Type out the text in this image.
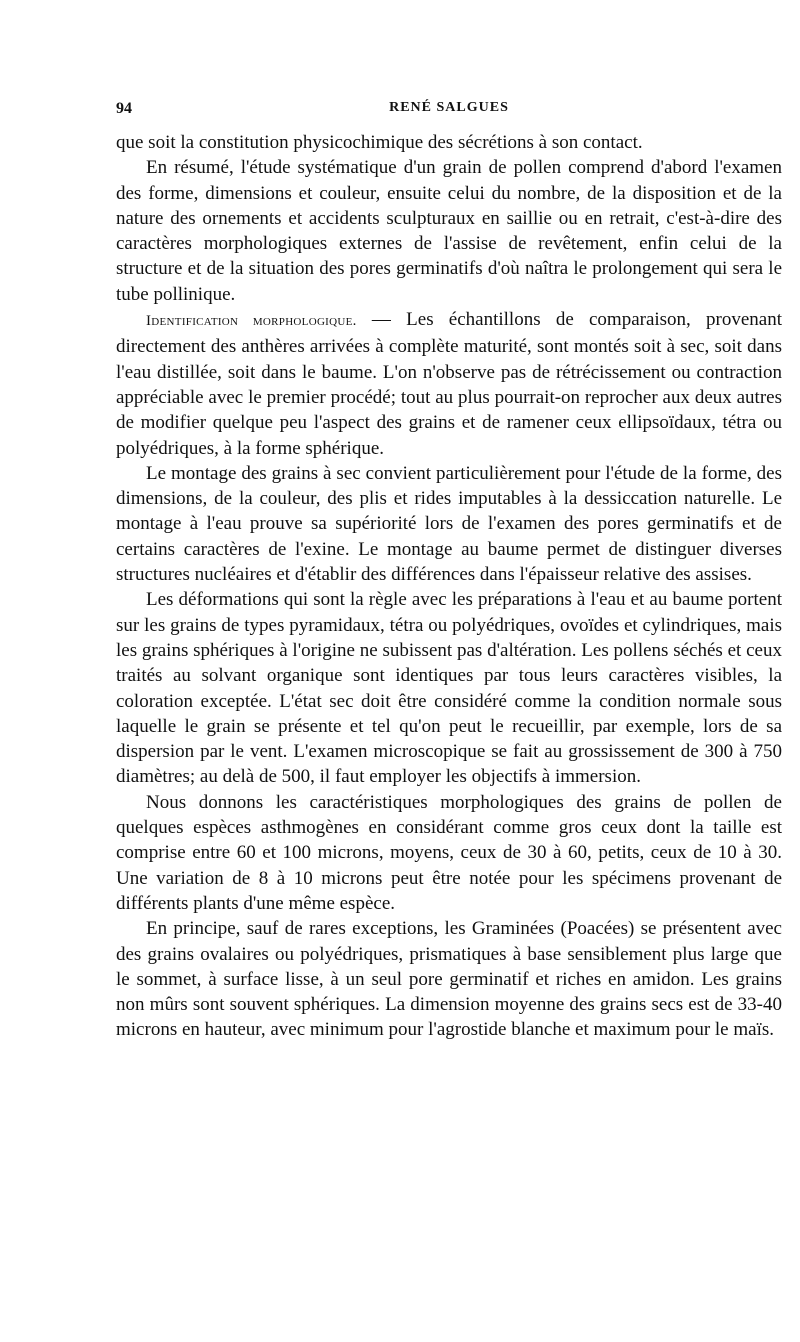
94	RENÉ SALGUES

que soit la constitution physicochimique des sécrétions à son contact.

En résumé, l'étude systématique d'un grain de pollen comprend d'abord l'examen des forme, dimensions et couleur, ensuite celui du nombre, de la disposition et de la nature des ornements et accidents sculpturaux en saillie ou en retrait, c'est-à-dire des caractères morphologiques externes de l'assise de revêtement, enfin celui de la structure et de la situation des pores germinatifs d'où naîtra le prolongement qui sera le tube pollinique.

Identification morphologique. — Les échantillons de comparaison, provenant directement des anthères arrivées à complète maturité, sont montés soit à sec, soit dans l'eau distillée, soit dans le baume. L'on n'observe pas de rétrécissement ou contraction appréciable avec le premier procédé; tout au plus pourrait-on reprocher aux deux autres de modifier quelque peu l'aspect des grains et de ramener ceux ellipsoïdaux, tétra ou polyédriques, à la forme sphérique.

Le montage des grains à sec convient particulièrement pour l'étude de la forme, des dimensions, de la couleur, des plis et rides imputables à la dessiccation naturelle. Le montage à l'eau prouve sa supériorité lors de l'examen des pores germinatifs et de certains caractères de l'exine. Le montage au baume permet de distinguer diverses structures nucléaires et d'établir des différences dans l'épaisseur relative des assises.

Les déformations qui sont la règle avec les préparations à l'eau et au baume portent sur les grains de types pyramidaux, tétra ou polyédriques, ovoïdes et cylindriques, mais les grains sphériques à l'origine ne subissent pas d'altération. Les pollens séchés et ceux traités au solvant organique sont identiques par tous leurs caractères visibles, la coloration exceptée. L'état sec doit être considéré comme la condition normale sous laquelle le grain se présente et tel qu'on peut le recueillir, par exemple, lors de sa dispersion par le vent. L'examen microscopique se fait au grossissement de 300 à 750 diamètres; au delà de 500, il faut employer les objectifs à immersion.

Nous donnons les caractéristiques morphologiques des grains de pollen de quelques espèces asthmogènes en considérant comme gros ceux dont la taille est comprise entre 60 et 100 microns, moyens, ceux de 30 à 60, petits, ceux de 10 à 30. Une variation de 8 à 10 microns peut être notée pour les spécimens provenant de différents plants d'une même espèce.

En principe, sauf de rares exceptions, les Graminées (Poacées) se présentent avec des grains ovalaires ou polyédriques, prismatiques à base sensiblement plus large que le sommet, à surface lisse, à un seul pore germinatif et riches en amidon. Les grains non mûrs sont souvent sphériques. La dimension moyenne des grains secs est de 33-40 microns en hauteur, avec minimum pour l'agrostide blanche et maximum pour le maïs.
